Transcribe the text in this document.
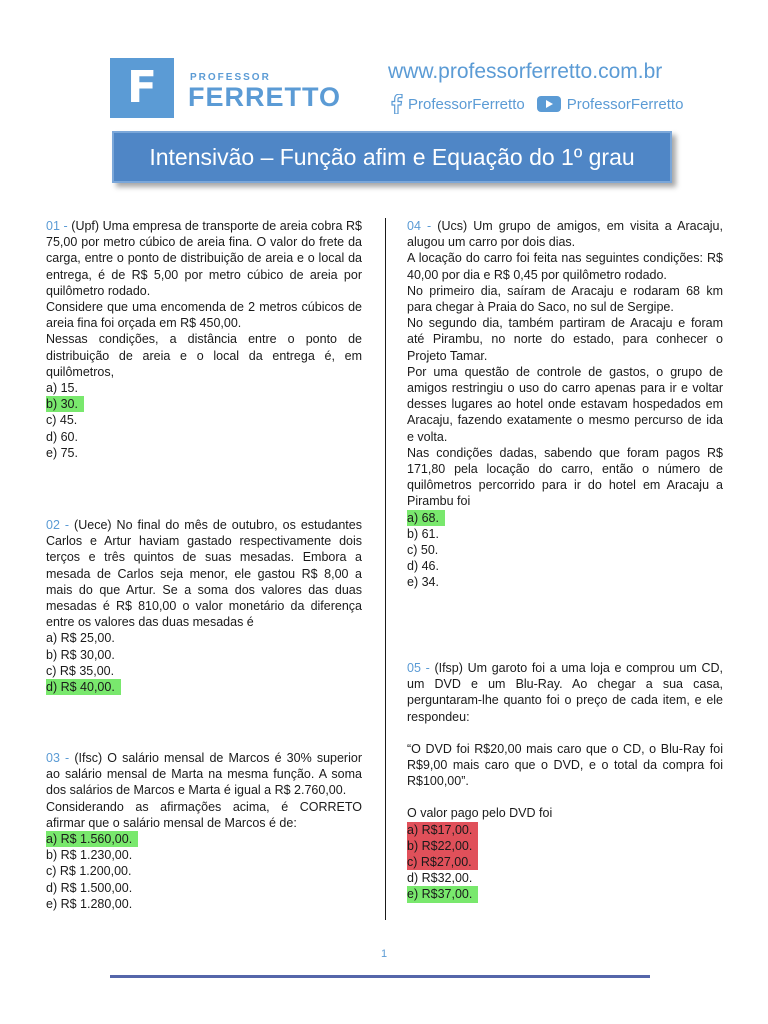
F	PROFESSOR
FERRETTO
www.professorferretto.com.br
ProfessorFerretto	ProfessorFerretto
Intensivão – Função afim e Equação do 1º grau

01 - (Upf) Uma empresa de transporte de areia cobra R$ 75,00 por metro cúbico de areia fina. O valor do frete da carga, entre o ponto de distribuição de areia e o local da entrega, é de R$ 5,00 por metro cúbico de areia por quilômetro rodado.

Considere que uma encomenda de 2 metros cúbicos de areia fina foi orçada em R$ 450,00.

Nessas condições, a distância entre o ponto de distribuição de areia e o local da entrega é, em quilômetros,

a) 15.

b) 30.

c) 45.

d) 60.

e) 75.

02 - (Uece) No final do mês de outubro, os estudantes Carlos e Artur haviam gastado respectivamente dois terços e três quintos de suas mesadas. Embora a mesada de Carlos seja menor, ele gastou R$ 8,00 a mais do que Artur. Se a soma dos valores das duas mesadas é R$ 810,00 o valor monetário da diferença entre os valores das duas mesadas é

a) R$ 25,00.

b) R$ 30,00.

c) R$ 35,00.

d) R$ 40,00.

03 - (Ifsc) O salário mensal de Marcos é 30% superior ao salário mensal de Marta na mesma função. A soma dos salários de Marcos e Marta é igual a R$ 2.760,00.

Considerando as afirmações acima, é CORRETO afirmar que o salário mensal de Marcos é de:

a) R$ 1.560,00.

b) R$ 1.230,00.

c) R$ 1.200,00.

d) R$ 1.500,00.

e) R$ 1.280,00.

04 - (Ucs) Um grupo de amigos, em visita a Aracaju, alugou um carro por dois dias.

A locação do carro foi feita nas seguintes condições: R$ 40,00 por dia e R$ 0,45 por quilômetro rodado.

No primeiro dia, saíram de Aracaju e rodaram 68 km para chegar à Praia do Saco, no sul de Sergipe.

No segundo dia, também partiram de Aracaju e foram até Pirambu, no norte do estado, para conhecer o Projeto Tamar.

Por uma questão de controle de gastos, o grupo de amigos restringiu o uso do carro apenas para ir e voltar desses lugares ao hotel onde estavam hospedados em Aracaju, fazendo exatamente o mesmo percurso de ida e volta.

Nas condições dadas, sabendo que foram pagos R$ 171,80 pela locação do carro, então o número de quilômetros percorrido para ir do hotel em Aracaju a Pirambu foi

a) 68.

b) 61.

c) 50.

d) 46.

e) 34.

05 - (Ifsp) Um garoto foi a uma loja e comprou um CD, um DVD e um Blu-Ray. Ao chegar a sua casa, perguntaram-lhe quanto foi o preço de cada item, e ele respondeu:

“O DVD foi R$20,00 mais caro que o CD, o Blu-Ray foi R$9,00 mais caro que o DVD, e o total da compra foi R$100,00”.

O valor pago pelo DVD foi

a) R$17,00.

b) R$22,00.

c) R$27,00.

d) R$32,00.

e) R$37,00.

1
